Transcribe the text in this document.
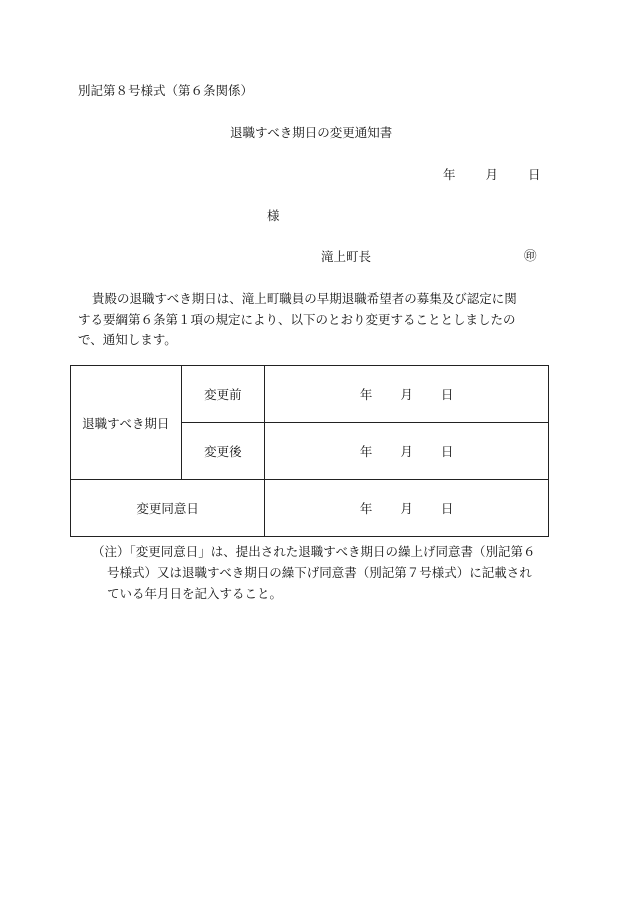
別記第８号様式（第６条関係）
退職すべき期日の変更通知書
年 月 日
様
滝上町長	㊞
貴殿の退職すべき期日は、滝上町職員の早期退職希望者の募集及び認定に関
する要綱第６条第１項の規定により、以下のとおり変更することとしましたの
で、通知します。
退職すべき期日	変更前	年 月 日
	変更後	年 月 日
変更同意日		年 月 日
（注）「変更同意日」は、提出された退職すべき期日の繰上げ同意書（別記第６
号様式）又は退職すべき期日の繰下げ同意書（別記第７号様式）に記載され
ている年月日を記入すること。
